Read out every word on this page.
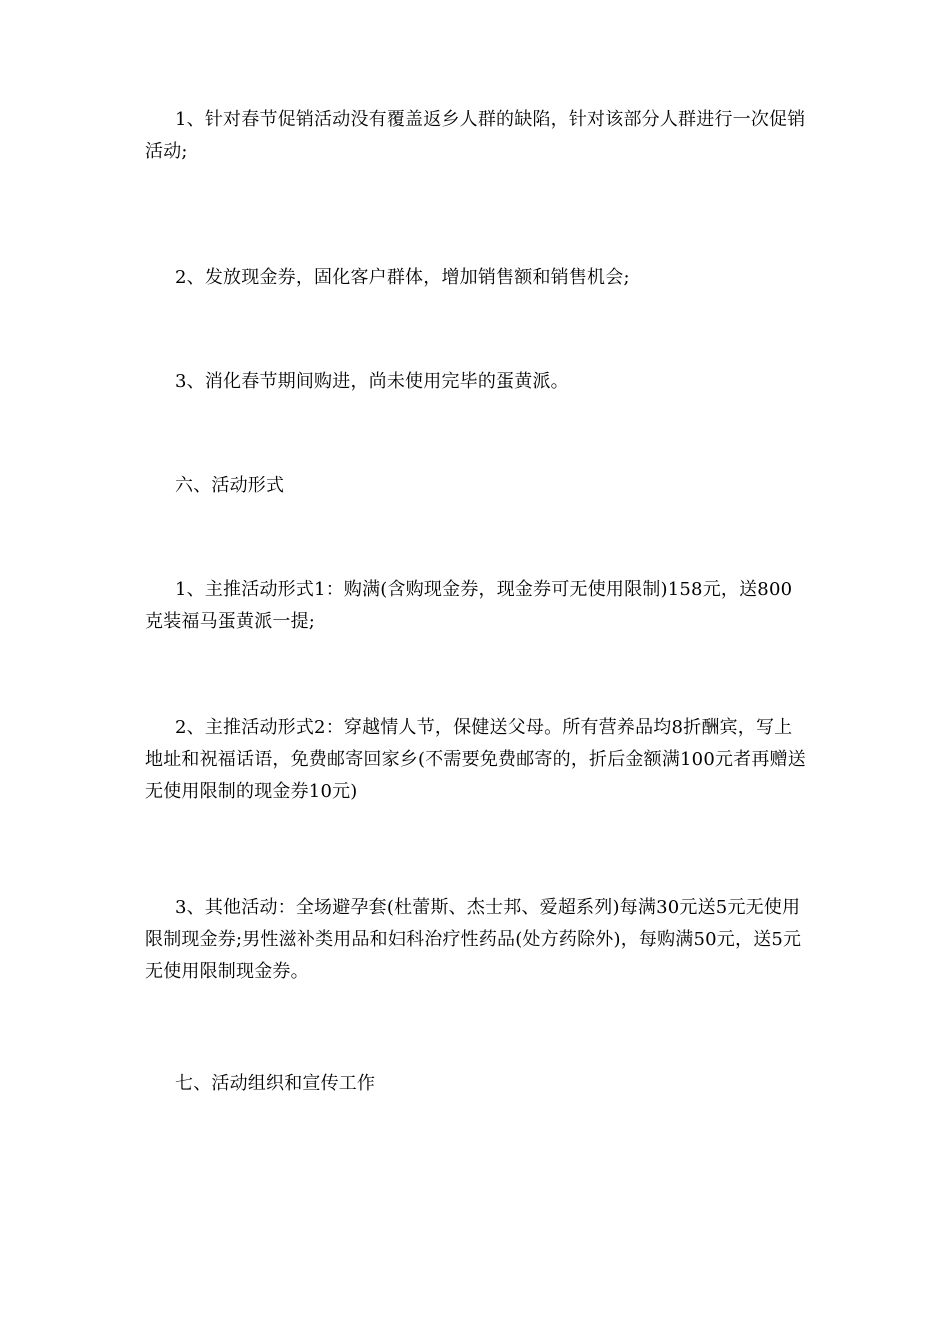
1、针对春节促销活动没有覆盖返乡人群的缺陷，针对该部分人群进行一次促销活动;

2、发放现金券，固化客户群体，增加销售额和销售机会;

3、消化春节期间购进，尚未使用完毕的蛋黄派。

六、活动形式

1、主推活动形式1：购满(含购现金券，现金券可无使用限制)158元，送800克装福马蛋黄派一提;

2、主推活动形式2：穿越情人节，保健送父母。所有营养品均8折酬宾，写上地址和祝福话语，免费邮寄回家乡(不需要免费邮寄的，折后金额满100元者再赠送无使用限制的现金券10元)

3、其他活动：全场避孕套(杜蕾斯、杰士邦、爱超系列)每满30元送5元无使用限制现金券;男性滋补类用品和妇科治疗性药品(处方药除外)，每购满50元，送5元无使用限制现金券。

七、活动组织和宣传工作
